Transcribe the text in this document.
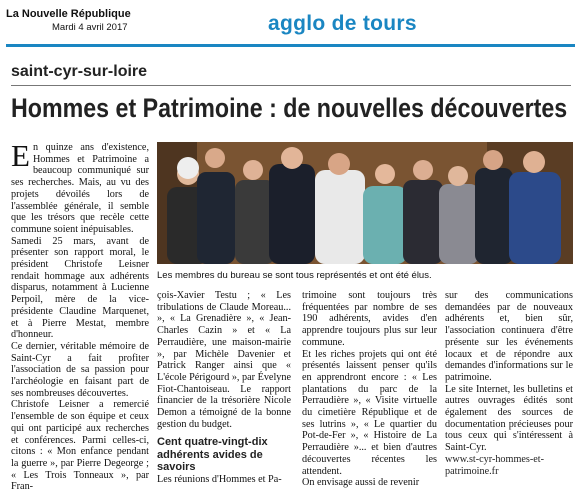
La Nouvelle République
Mardi 4 avril 2017	agglo de tours
saint-cyr-sur-loire
Hommes et Patrimoine : de nouvelles découvertes

En quinze ans d'existence, Hommes et Patrimoine a beaucoup communiqué sur ses recherches. Mais, au vu des projets dévoilés lors de l'assemblée générale, il semble que les trésors que recèle cette commune soient inépuisables.

Samedi 25 mars, avant de présenter son rapport moral, le président Christofe Leisner rendait hommage aux adhérents disparus, notamment à Lucienne Perpoil, mère de la vice-présidente Claudine Marquenet, et à Pierre Mestat, membre d'honneur.

Ce dernier, véritable mémoire de Saint-Cyr a fait profiter l'association de sa passion pour l'archéologie en faisant part de ses nombreuses découvertes.

Christofe Leisner a remercié l'ensemble de son équipe et ceux qui ont participé aux recherches et conférences. Parmi celles-ci, citons : « Mon enfance pendant la guerre », par Pierre Degeorge ; « Les Trois Tonneaux », par Fran-

Les membres du bureau se sont tous représentés et ont été élus.

çois-Xavier Testu ; « Les tribulations de Claude Moreau... », « La Grenadière », « Jean-Charles Cazin » et « La Perraudière, une maison-mairie », par Michèle Davenier et Patrick Ranger ainsi que « L'école Périgourd », par Évelyne Fiot-Chantoiseau. Le rapport financier de la trésorière Nicole Demon a témoigné de la bonne gestion du budget.

Cent quatre-vingt-dix adhérents avides de savoirs

Les réunions d'Hommes et Pa-

trimoine sont toujours très fréquentées par nombre de ses 190 adhérents, avides d'en apprendre toujours plus sur leur commune.

Et les riches projets qui ont été présentés laissent penser qu'ils en apprendront encore : « Les plantations du parc de la Perraudière », « Visite virtuelle du cimetière République et de ses lutrins », « Le quartier du Pot-de-Fer », « Histoire de La Perraudière »... et bien d'autres découvertes récentes les attendent.

On envisage aussi de revenir

sur des communications demandées par de nouveaux adhérents et, bien sûr, l'association continuera d'être présente sur les événements locaux et de répondre aux demandes d'informations sur le patrimoine.

Le site Internet, les bulletins et autres ouvrages édités sont également des sources de documentation précieuses pour tous ceux qui s'intéressent à Saint-Cyr.

www.st-cyr-hommes-et-patrimoine.fr
